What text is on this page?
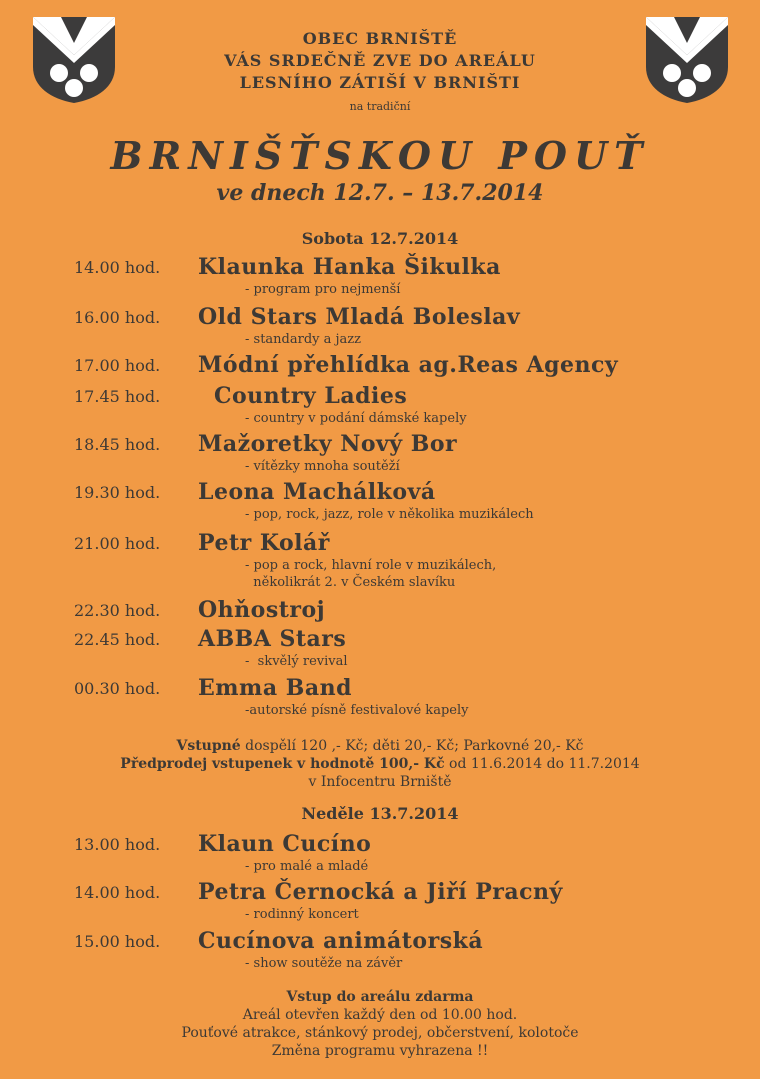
OBEC BRNIŠTĚ
VÁS SRDEČNĚ ZVE DO AREÁLU
LESNÍHO ZÁTIŠÍ V BRNIŠTI
na tradiční
BRNIŠŤSKOU POUŤ
ve dnech 12.7. – 13.7.2014
Sobota 12.7.2014
14.00 hod. Klaunka Hanka Šikulka
- program pro nejmenší
16.00 hod. Old Stars Mladá Boleslav
- standardy a jazz
17.00 hod. Módní přehlídka ag.Reas Agency
17.45 hod. Country Ladies
- country v podání dámské kapely
18.45 hod. Mažoretky Nový Bor
- vítězky mnoha soutěží
19.30 hod. Leona Machálková
- pop, rock, jazz, role v několika muzikálech
21.00 hod. Petr Kolář
- pop a rock, hlavní role v muzikálech,
několikrát 2. v Českém slavíku
22.30 hod. Ohňostroj
22.45 hod. ABBA Stars
-  skvělý revival
00.30 hod. Emma Band
-autorské písně festivalové kapely
Vstupné dospělí 120 ,- Kč; děti 20,- Kč; Parkovné 20,- Kč
Předprodej vstupenek v hodnotě 100,- Kč od 11.6.2014 do 11.7.2014
v Infocentru Brniště
Neděle 13.7.2014
13.00 hod. Klaun Cucíno
- pro malé a mladé
14.00 hod. Petra Černocká a Jiří Pracný
- rodinný koncert
15.00 hod. Cucínova animátorská
- show soutěže na závěr
Vstup do areálu zdarma
Areál otevřen každý den od 10.00 hod.
Pouťové atrakce, stánkový prodej, občerstvení, kolotoče
Změna programu vyhrazena !!
